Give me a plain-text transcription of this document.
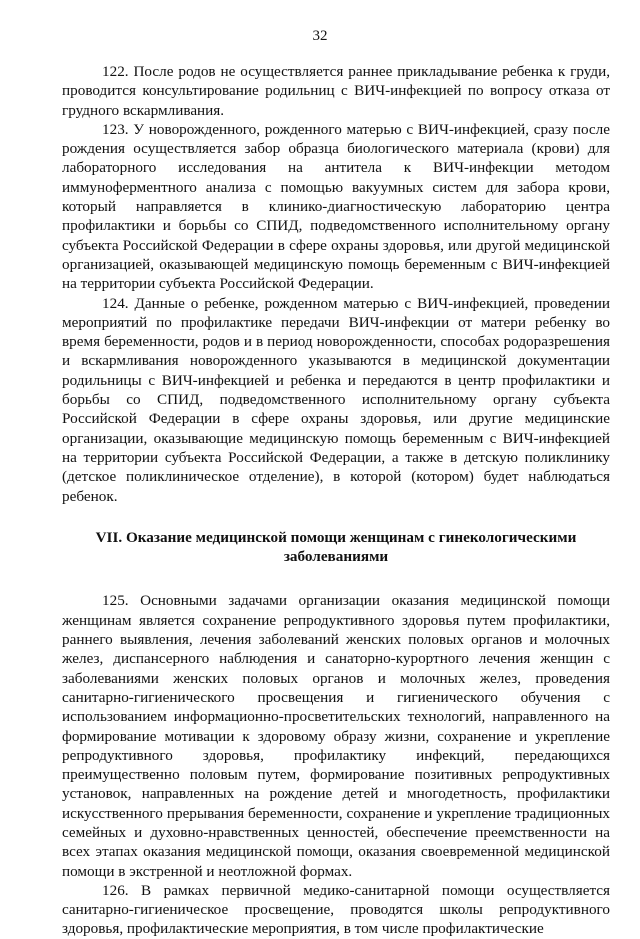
32

122. После родов не осуществляется раннее прикладывание ребенка к груди, проводится консультирование родильниц с ВИЧ-инфекцией по вопросу отказа от грудного вскармливания.

123. У новорожденного, рожденного матерью с ВИЧ-инфекцией, сразу после рождения осуществляется забор образца биологического материала (крови) для лабораторного исследования на антитела к ВИЧ-инфекции методом иммуноферментного анализа с помощью вакуумных систем для забора крови, который направляется в клинико-диагностическую лабораторию центра профилактики и борьбы со СПИД, подведомственного исполнительному органу субъекта Российской Федерации в сфере охраны здоровья, или другой медицинской организацией, оказывающей медицинскую помощь беременным с ВИЧ-инфекцией на территории субъекта Российской Федерации.

124. Данные о ребенке, рожденном матерью с ВИЧ-инфекцией, проведении мероприятий по профилактике передачи ВИЧ-инфекции от матери ребенку во время беременности, родов и в период новорожденности, способах родоразрешения и вскармливания новорожденного указываются в медицинской документации родильницы с ВИЧ-инфекцией и ребенка и передаются в центр профилактики и борьбы со СПИД, подведомственного исполнительному органу субъекта Российской Федерации в сфере охраны здоровья, или другие медицинские организации, оказывающие медицинскую помощь беременным с ВИЧ-инфекцией на территории субъекта Российской Федерации, а также в детскую поликлинику (детское поликлиническое отделение), в которой (котором) будет наблюдаться ребенок.

VII. Оказание медицинской помощи женщинам с гинекологическими
заболеваниями

125. Основными задачами организации оказания медицинской помощи женщинам является сохранение репродуктивного здоровья путем профилактики, раннего выявления, лечения заболеваний женских половых органов и молочных желез, диспансерного наблюдения и санаторно-курортного лечения женщин с заболеваниями женских половых органов и молочных желез, проведения санитарно-гигиенического просвещения и гигиенического обучения с использованием информационно-просветительских технологий, направленного на формирование мотивации к здоровому образу жизни, сохранение и укрепление репродуктивного здоровья, профилактику инфекций, передающихся преимущественно половым путем, формирование позитивных репродуктивных установок, направленных на рождение детей и многодетность, профилактики искусственного прерывания беременности, сохранение и укрепление традиционных семейных и духовно-нравственных ценностей, обеспечение преемственности на всех этапах оказания медицинской помощи, оказания своевременной медицинской помощи в экстренной и неотложной формах.

126. В рамках первичной медико-санитарной помощи осуществляется санитарно-гигиеническое просвещение, проводятся школы репродуктивного здоровья, профилактические мероприятия, в том числе профилактические
